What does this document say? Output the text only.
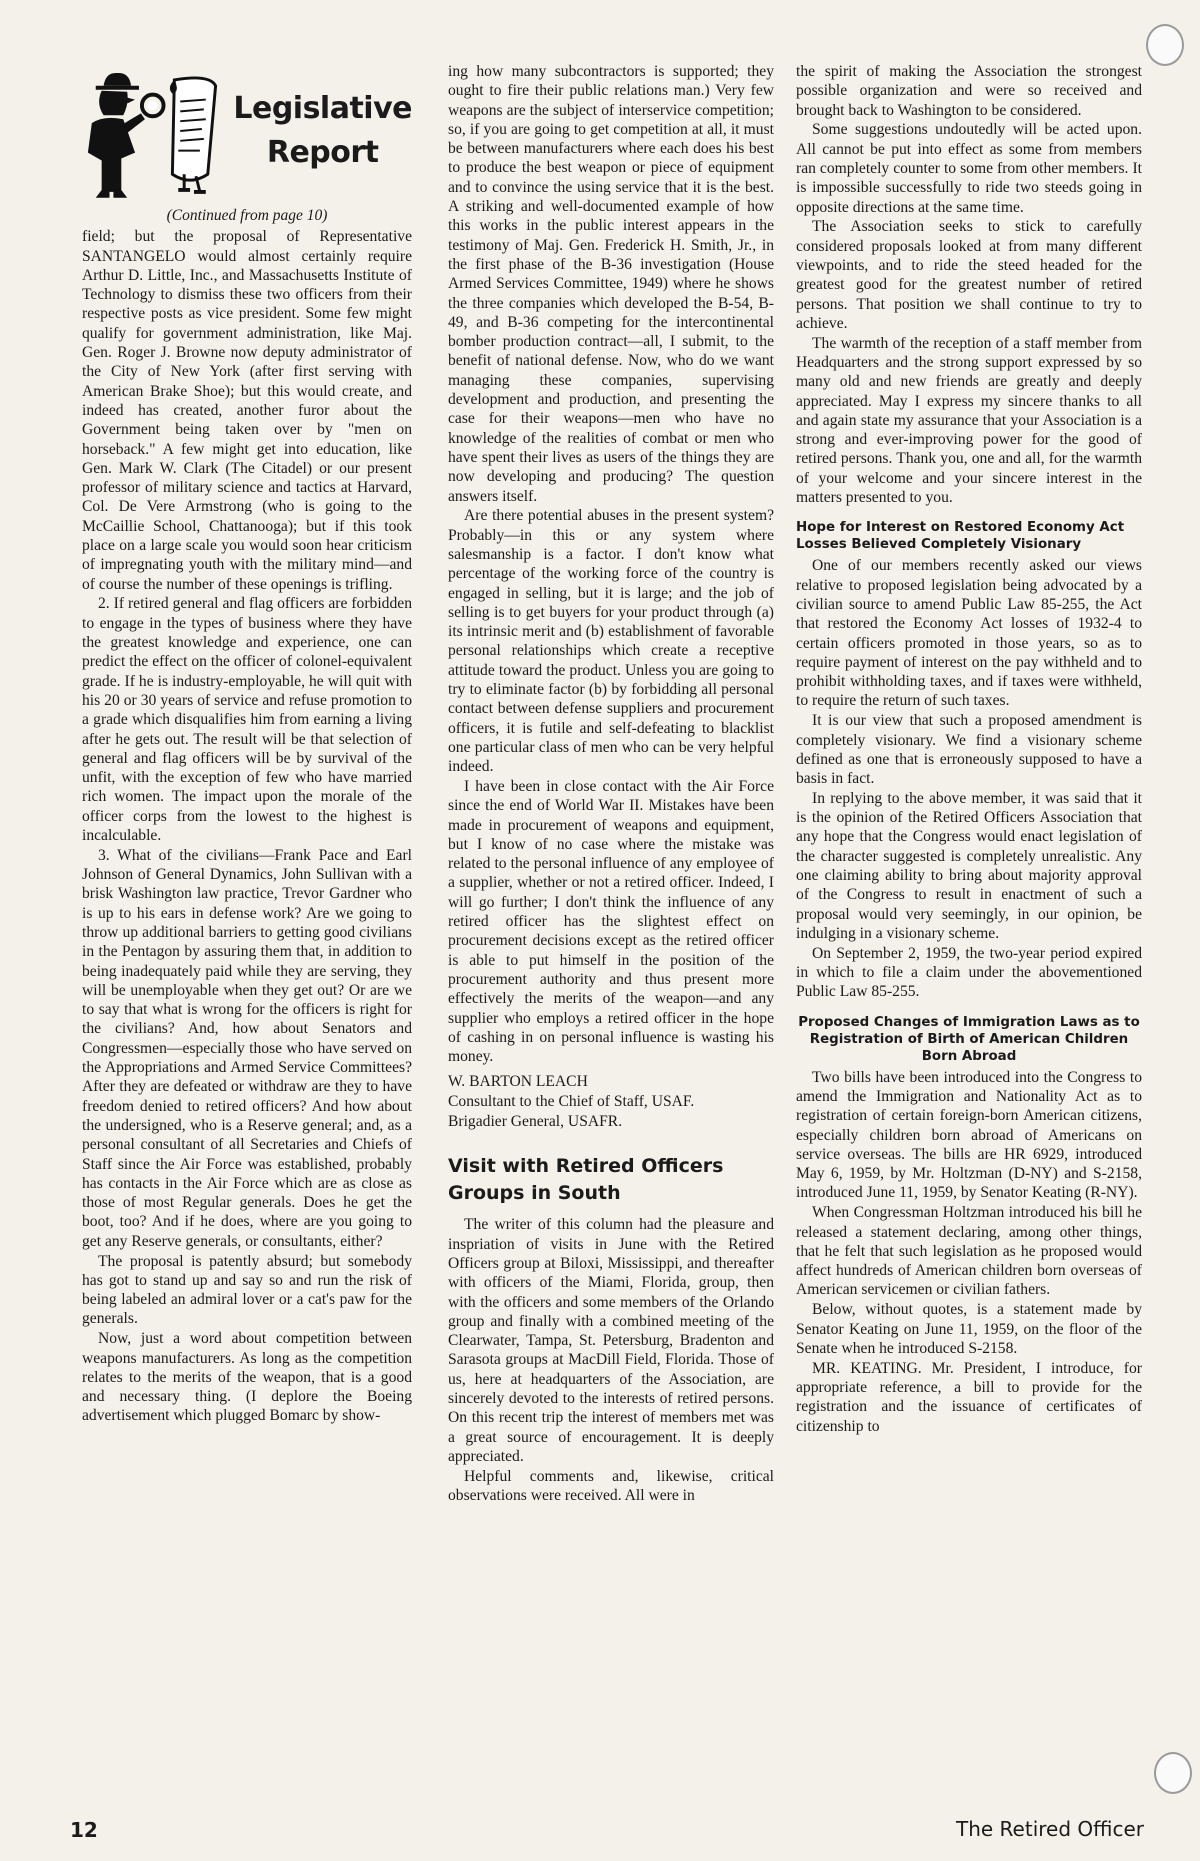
Legislative
Report

(Continued from page 10)

field; but the proposal of Representative SANTANGELO would almost certainly require Arthur D. Little, Inc., and Massachusetts Institute of Technology to dismiss these two officers from their respective posts as vice president. Some few might qualify for government administration, like Maj. Gen. Roger J. Browne now deputy administrator of the City of New York (after first serving with American Brake Shoe); but this would create, and indeed has created, another furor about the Government being taken over by "men on horseback." A few might get into education, like Gen. Mark W. Clark (The Citadel) or our present professor of military science and tactics at Harvard, Col. De Vere Armstrong (who is going to the McCaillie School, Chattanooga); but if this took place on a large scale you would soon hear criticism of impregnating youth with the military mind—and of course the number of these openings is trifling.

2. If retired general and flag officers are forbidden to engage in the types of business where they have the greatest knowledge and experience, one can predict the effect on the officer of colonel-equivalent grade. If he is industry-employable, he will quit with his 20 or 30 years of service and refuse promotion to a grade which disqualifies him from earning a living after he gets out. The result will be that selection of general and flag officers will be by survival of the unfit, with the exception of few who have married rich women. The impact upon the morale of the officer corps from the lowest to the highest is incalculable.

3. What of the civilians—Frank Pace and Earl Johnson of General Dynamics, John Sullivan with a brisk Washington law practice, Trevor Gardner who is up to his ears in defense work? Are we going to throw up additional barriers to getting good civilians in the Pentagon by assuring them that, in addition to being inadequately paid while they are serving, they will be unemployable when they get out? Or are we to say that what is wrong for the officers is right for the civilians? And, how about Senators and Congressmen—especially those who have served on the Appropriations and Armed Service Committees? After they are defeated or withdraw are they to have freedom denied to retired officers? And how about the undersigned, who is a Reserve general; and, as a personal consultant of all Secretaries and Chiefs of Staff since the Air Force was established, probably has contacts in the Air Force which are as close as those of most Regular generals. Does he get the boot, too? And if he does, where are you going to get any Reserve generals, or consultants, either?

The proposal is patently absurd; but somebody has got to stand up and say so and run the risk of being labeled an admiral lover or a cat's paw for the generals.

Now, just a word about competition between weapons manufacturers. As long as the competition relates to the merits of the weapon, that is a good and necessary thing. (I deplore the Boeing advertisement which plugged Bomarc by show-

ing how many subcontractors is supported; they ought to fire their public relations man.) Very few weapons are the subject of interservice competition; so, if you are going to get competition at all, it must be between manufacturers where each does his best to produce the best weapon or piece of equipment and to convince the using service that it is the best. A striking and well-documented example of how this works in the public interest appears in the testimony of Maj. Gen. Frederick H. Smith, Jr., in the first phase of the B-36 investigation (House Armed Services Committee, 1949) where he shows the three companies which developed the B-54, B-49, and B-36 competing for the intercontinental bomber production contract—all, I submit, to the benefit of national defense. Now, who do we want managing these companies, supervising development and production, and presenting the case for their weapons—men who have no knowledge of the realities of combat or men who have spent their lives as users of the things they are now developing and producing? The question answers itself.

Are there potential abuses in the present system? Probably—in this or any system where salesmanship is a factor. I don't know what percentage of the working force of the country is engaged in selling, but it is large; and the job of selling is to get buyers for your product through (a) its intrinsic merit and (b) establishment of favorable personal relationships which create a receptive attitude toward the product. Unless you are going to try to eliminate factor (b) by forbidding all personal contact between defense suppliers and procurement officers, it is futile and self-defeating to blacklist one particular class of men who can be very helpful indeed.

I have been in close contact with the Air Force since the end of World War II. Mistakes have been made in procurement of weapons and equipment, but I know of no case where the mistake was related to the personal influence of any employee of a supplier, whether or not a retired officer. Indeed, I will go further; I don't think the influence of any retired officer has the slightest effect on procurement decisions except as the retired officer is able to put himself in the position of the procurement authority and thus present more effectively the merits of the weapon—and any supplier who employs a retired officer in the hope of cashing in on personal influence is wasting his money.

W. BARTON LEACH

Consultant to the Chief of Staff, USAF.

Brigadier General, USAFR.

Visit with Retired Officers Groups in South

The writer of this column had the pleasure and inspriation of visits in June with the Retired Officers group at Biloxi, Mississippi, and thereafter with officers of the Miami, Florida, group, then with the officers and some members of the Orlando group and finally with a combined meeting of the Clearwater, Tampa, St. Petersburg, Bradenton and Sarasota groups at MacDill Field, Florida. Those of us, here at headquarters of the Association, are sincerely devoted to the interests of retired persons. On this recent trip the interest of members met was a great source of encouragement. It is deeply appreciated.

Helpful comments and, likewise, critical observations were received. All were in

the spirit of making the Association the strongest possible organization and were so received and brought back to Washington to be considered.

Some suggestions undoutedly will be acted upon. All cannot be put into effect as some from members ran completely counter to some from other members. It is impossible successfully to ride two steeds going in opposite directions at the same time.

The Association seeks to stick to carefully considered proposals looked at from many different viewpoints, and to ride the steed headed for the greatest good for the greatest number of retired persons. That position we shall continue to try to achieve.

The warmth of the reception of a staff member from Headquarters and the strong support expressed by so many old and new friends are greatly and deeply appreciated. May I express my sincere thanks to all and again state my assurance that your Association is a strong and ever-improving power for the good of retired persons. Thank you, one and all, for the warmth of your welcome and your sincere interest in the matters presented to you.

Hope for Interest on Restored Economy Act Losses Believed Completely Visionary

One of our members recently asked our views relative to proposed legislation being advocated by a civilian source to amend Public Law 85-255, the Act that restored the Economy Act losses of 1932-4 to certain officers promoted in those years, so as to require payment of interest on the pay withheld and to prohibit withholding taxes, and if taxes were withheld, to require the return of such taxes.

It is our view that such a proposed amendment is completely visionary. We find a visionary scheme defined as one that is erroneously supposed to have a basis in fact.

In replying to the above member, it was said that it is the opinion of the Retired Officers Association that any hope that the Congress would enact legislation of the character suggested is completely unrealistic. Any one claiming ability to bring about majority approval of the Congress to result in enactment of such a proposal would very seemingly, in our opinion, be indulging in a visionary scheme.

On September 2, 1959, the two-year period expired in which to file a claim under the abovementioned Public Law 85-255.

Proposed Changes of Immigration Laws as to Registration of Birth of American Children Born Abroad

Two bills have been introduced into the Congress to amend the Immigration and Nationality Act as to registration of certain foreign-born American citizens, especially children born abroad of Americans on service overseas. The bills are HR 6929, introduced May 6, 1959, by Mr. Holtzman (D-NY) and S-2158, introduced June 11, 1959, by Senator Keating (R-NY).

When Congressman Holtzman introduced his bill he released a statement declaring, among other things, that he felt that such legislation as he proposed would affect hundreds of American children born overseas of American servicemen or civilian fathers.

Below, without quotes, is a statement made by Senator Keating on June 11, 1959, on the floor of the Senate when he introduced S-2158.

MR. KEATING. Mr. President, I introduce, for appropriate reference, a bill to provide for the registration and the issuance of certificates of citizenship to

12	The Retired Officer
